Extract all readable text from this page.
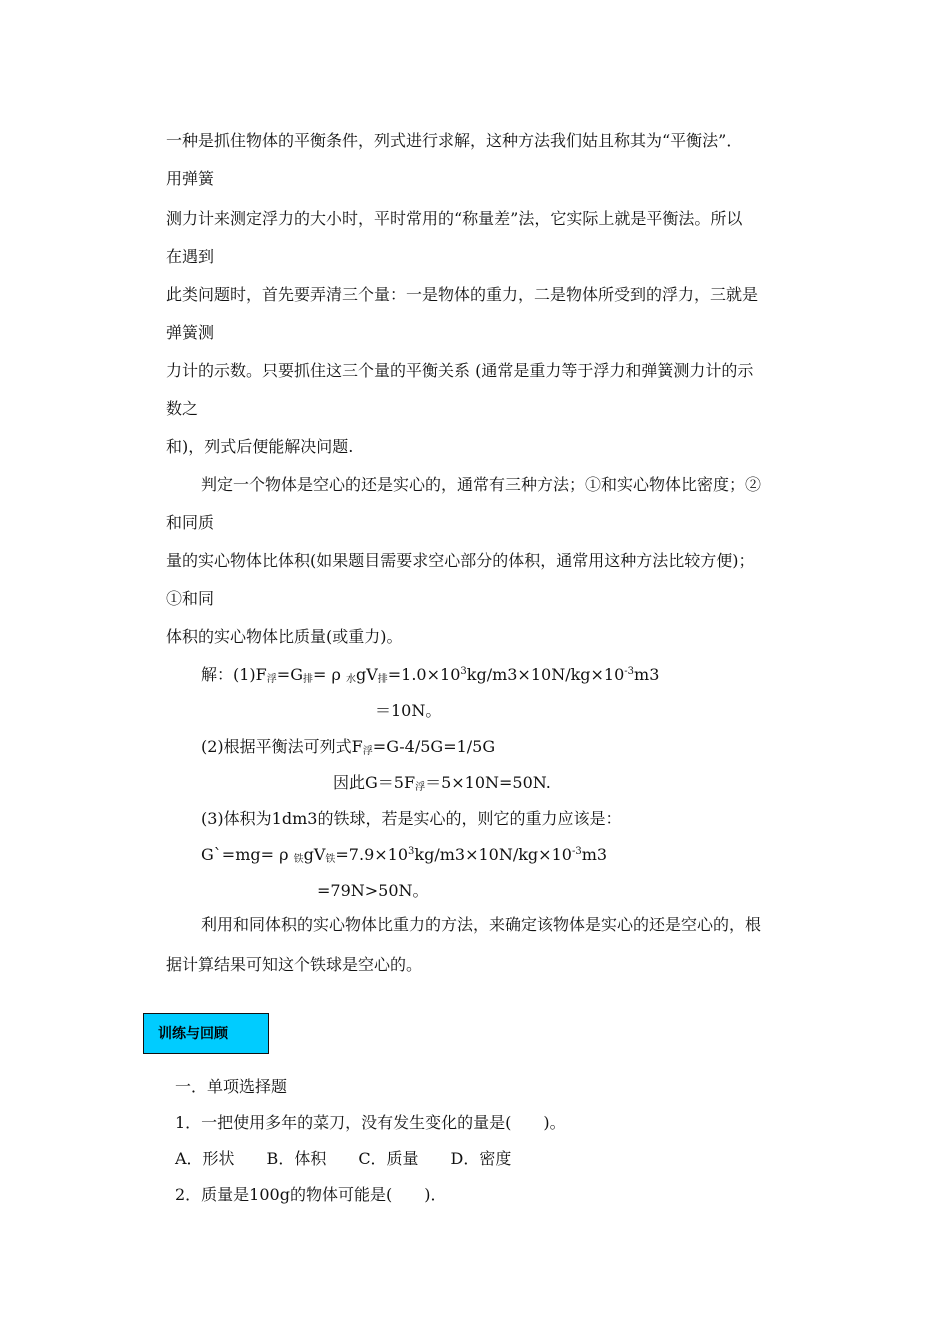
一种是抓住物体的平衡条件，列式进行求解，这种方法我们姑且称其为“平衡法”．
用弹簧
测力计来测定浮力的大小时，平时常用的“称量差”法，它实际上就是平衡法。所以
在遇到
此类问题时，首先要弄清三个量：一是物体的重力，二是物体所受到的浮力，三就是
弹簧测
力计的示数。只要抓住这三个量的平衡关系 (通常是重力等于浮力和弹簧测力计的示
数之
和)，列式后便能解决问题.
判定一个物体是空心的还是实心的，通常有三种方法；①和实心物体比密度；②
和同质
量的实心物体比体积(如果题目需要求空心部分的体积，通常用这种方法比较方便)；
①和同
体积的实心物体比质量(或重力)。
解：$(1)F_浮=G_排= \rho$ $_水gV_排=1.0\times 10^3kg/m3\times 10N/kg\times 10^{-3}m3$
＝10N。
(2)根据平衡法可列式$F_浮=G-4/5G=1/5G$
因此$G=5F_浮=5\times 10N=50N$.
(3)体积为1dm3的铁球，若是实心的，则它的重力应该是：
G`=mg= ρ $_铁gV_铁=7.9\times 10^3kg/m3\times 10N/kg\times 10^{-3}m3$
=79N>50N。
利用和同体积的实心物体比重力的方法，来确定该物体是实心的还是空心的，根
据计算结果可知这个铁球是空心的。
训练与回顾
一．单项选择题
1．一把使用多年的菜刀，没有发生变化的量是(　　)。
A．形状　　B．体积　　C．质量　　D．密度
2．质量是100g的物体可能是(　　)．
